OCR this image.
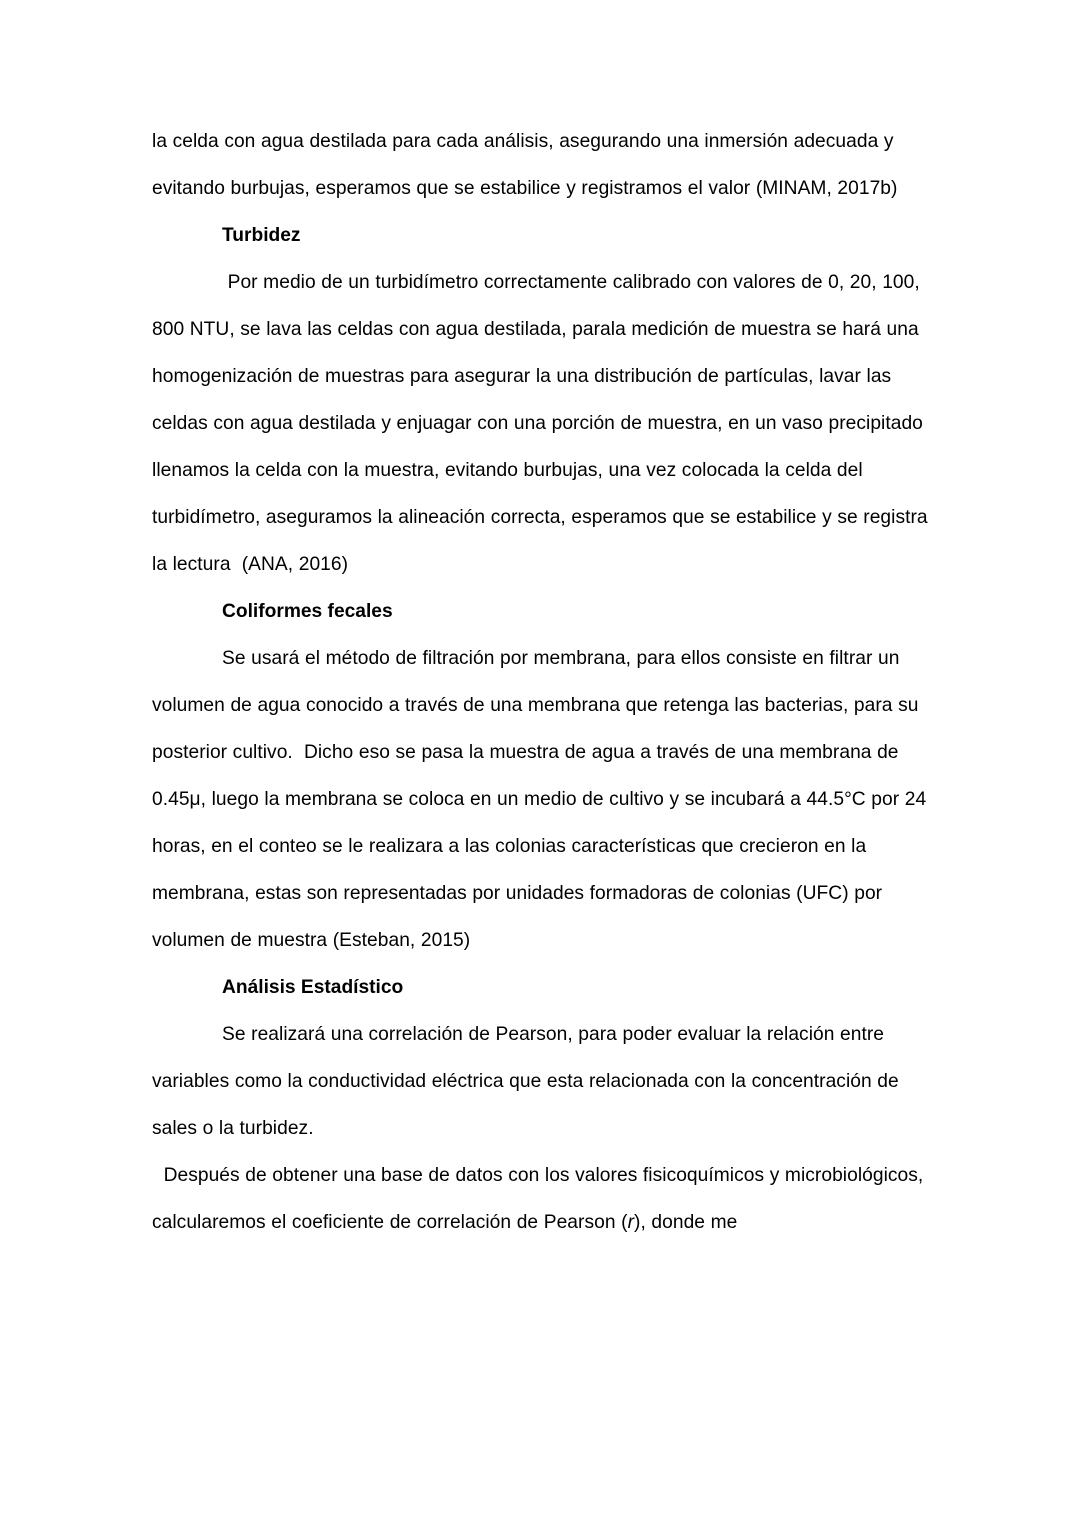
la celda con agua destilada para cada análisis, asegurando una inmersión adecuada y evitando burbujas, esperamos que se estabilice y registramos el valor (MINAM, 2017b)

Turbidez

Por medio de un turbidímetro correctamente calibrado con valores de 0, 20, 100, 800 NTU, se lava las celdas con agua destilada, parala medición de muestra se hará una homogenización de muestras para asegurar la una distribución de partículas, lavar las celdas con agua destilada y enjuagar con una porción de muestra, en un vaso precipitado llenamos la celda con la muestra, evitando burbujas, una vez colocada la celda del turbidímetro, aseguramos la alineación correcta, esperamos que se estabilice y se registra la lectura  (ANA, 2016)

Coliformes fecales

Se usará el método de filtración por membrana, para ellos consiste en filtrar un volumen de agua conocido a través de una membrana que retenga las bacterias, para su posterior cultivo.  Dicho eso se pasa la muestra de agua a través de una membrana de 0.45μ, luego la membrana se coloca en un medio de cultivo y se incubará a 44.5°C por 24 horas, en el conteo se le realizara a las colonias características que crecieron en la membrana, estas son representadas por unidades formadoras de colonias (UFC) por volumen de muestra (Esteban, 2015)

Análisis Estadístico

Se realizará una correlación de Pearson, para poder evaluar la relación entre variables como la conductividad eléctrica que esta relacionada con la concentración de sales o la turbidez.

Después de obtener una base de datos con los valores fisicoquímicos y microbiológicos, calcularemos el coeficiente de correlación de Pearson (r), donde me
